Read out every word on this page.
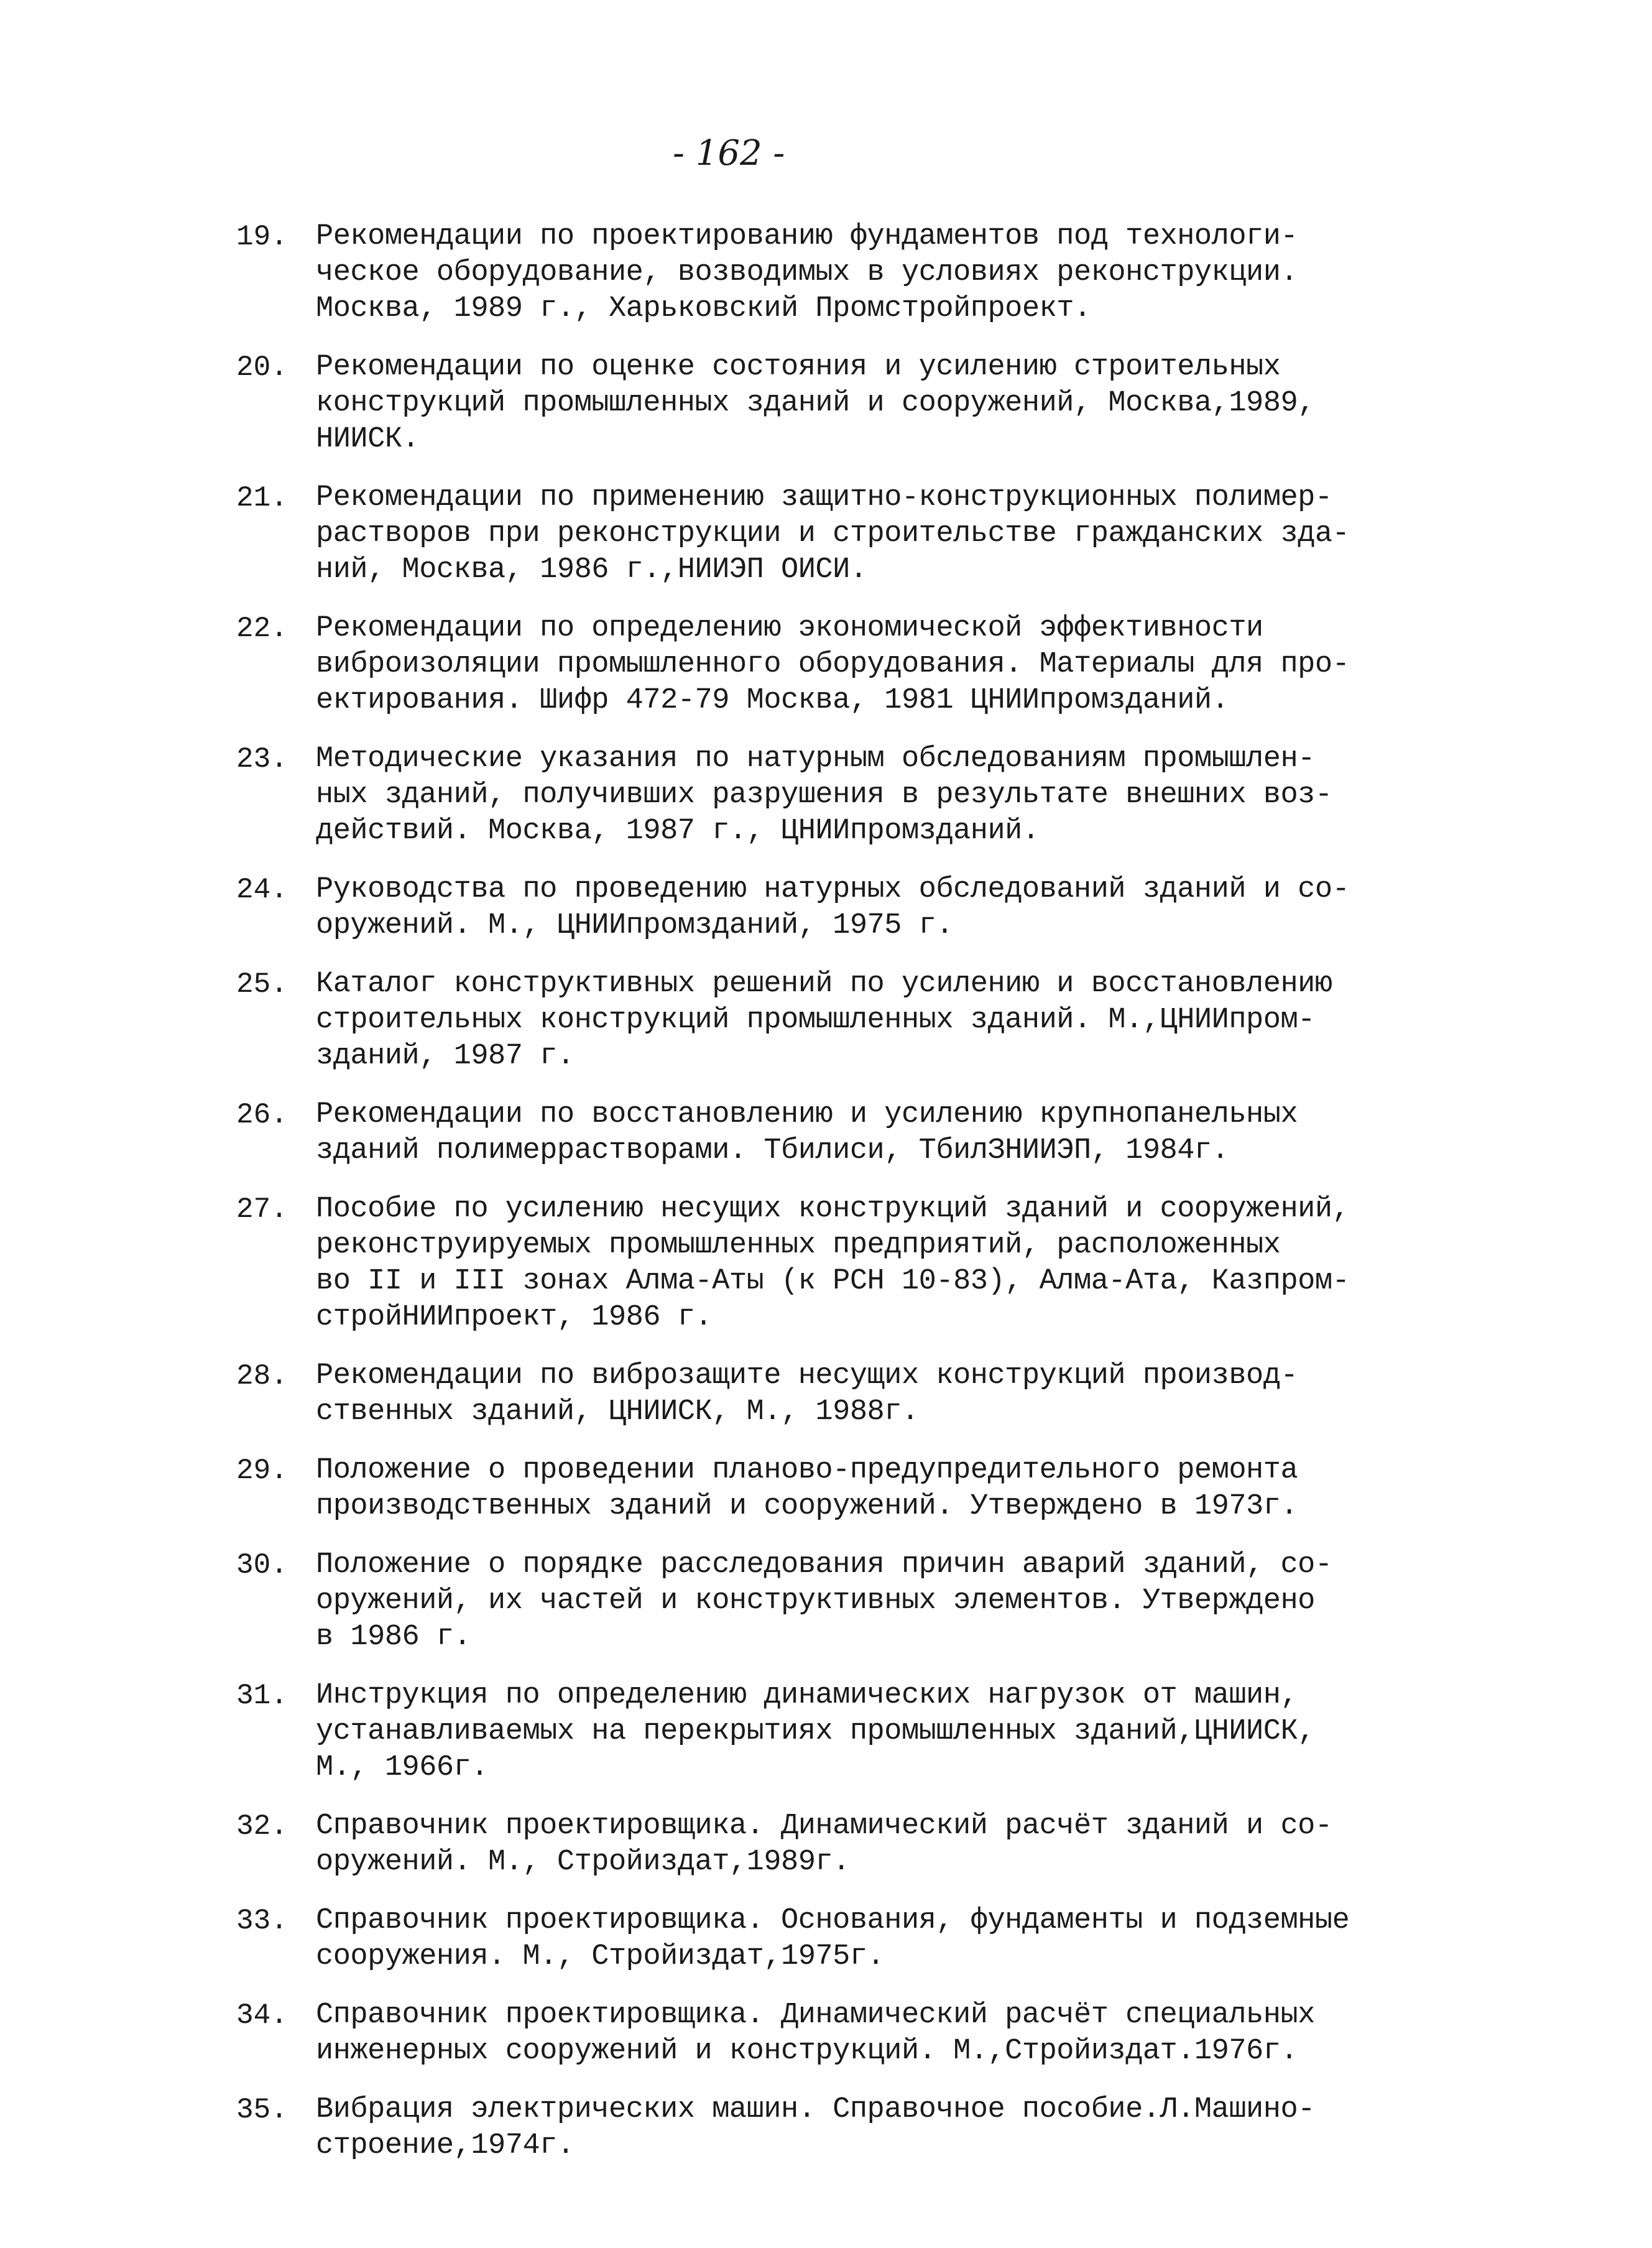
- 162 -
19. Рекомендации по проектированию фундаментов под технологи-
ческое оборудование, возводимых в условиях реконструкции.
Москва, 1989 г., Харьковский Промстройпроект.
20. Рекомендации по оценке состояния и усилению строительных
конструкций промышленных зданий и сооружений, Москва,1989,
НИИСК.
21. Рекомендации по применению защитно-конструкционных полимер-
растворов при реконструкции и строительстве гражданских зда-
ний, Москва, 1986 г.,НИИЭП ОИСИ.
22. Рекомендации по определению экономической эффективности
виброизоляции промышленного оборудования. Материалы для про-
ектирования. Шифр 472-79 Москва, 1981 ЦНИИпромзданий.
23. Методические указания по натурным обследованиям промышлен-
ных зданий, получивших разрушения в результате внешних воз-
действий. Москва, 1987 г., ЦНИИпромзданий.
24. Руководства по проведению натурных обследований зданий и со-
оружений. М., ЦНИИпромзданий, 1975 г.
25. Каталог конструктивных решений по усилению и восстановлению
строительных конструкций промышленных зданий. М.,ЦНИИпром-
зданий, 1987 г.
26. Рекомендации по восстановлению и усилению крупнопанельных
зданий полимеррастворами. Тбилиси, ТбилЗНИИЭП, 1984г.
27. Пособие по усилению несущих конструкций зданий и сооружений,
реконструируемых промышленных предприятий, расположенных
во II и III зонах Алма-Аты (к РСН 10-83), Алма-Ата, Казпром-
стройНИИпроект, 1986 г.
28. Рекомендации по виброзащите несущих конструкций производ-
ственных зданий, ЦНИИСК, М., 1988г.
29. Положение о проведении планово-предупредительного ремонта
производственных зданий и сооружений. Утверждено в 1973г.
30. Положение о порядке расследования причин аварий зданий, со-
оружений, их частей и конструктивных элементов. Утверждено
в 1986 г.
31. Инструкция по определению динамических нагрузок от машин,
устанавливаемых на перекрытиях промышленных зданий,ЦНИИСК,
М., 1966г.
32. Справочник проектировщика. Динамический расчёт зданий и со-
оружений. М., Стройиздат,1989г.
33. Справочник проектировщика. Основания, фундаменты и подземные
сооружения. М., Стройиздат,1975г.
34. Справочник проектировщика. Динамический расчёт специальных
инженерных сооружений и конструкций. М.,Стройиздат.1976г.
35. Вибрация электрических машин. Справочное пособие.Л.Машино-
строение,1974г.
